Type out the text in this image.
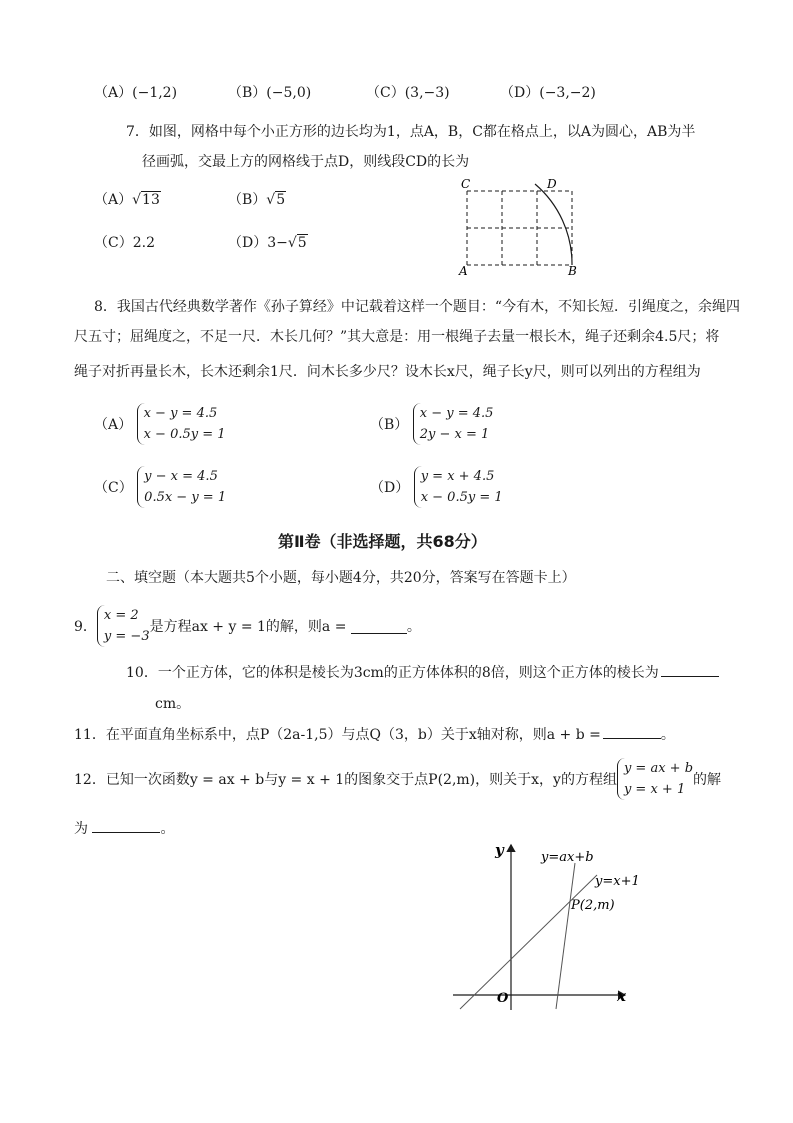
（A）(−1,2)	（B）(−5,0)	（C）(3,−3)	（D）(−3,−2)
7．如图，网格中每个小正方形的边长均为1，点A，B，C都在格点上，以A为圆心，AB为半
径画弧，交最上方的网格线于点D，则线段CD的长为
（A）√13	（B）√5
（C）2.2	（D）3−√5
C	D
A	B
8．我国古代经典数学著作《孙子算经》中记载着这样一个题目：“今有木，不知长短．引绳度之，余绳四
尺五寸；屈绳度之，不足一尺．木长几何？”其大意是：用一根绳子去量一根长木，绳子还剩余4.5尺；将
绳子对折再量长木，长木还剩余1尺．问木长多少尺？设木长x尺，绳子长y尺，则可以列出的方程组为
（A）
x − y = 4.5
x − 0.5y = 1
（B）
x − y = 4.5
2y − x = 1
（C）
y − x = 4.5
0.5x − y = 1
（D）
y = x + 4.5
x − 0.5y = 1
第Ⅱ卷（非选择题，共68分）
二、填空题（本大题共5个小题，每小题4分，共20分，答案写在答题卡上）
9．
x = 2
y = −3
是方程ax + y = 1的解，则a =	。
10．一个正方体，它的体积是棱长为3cm的正方体体积的8倍，则这个正方体的棱长为
cm。
11．在平面直角坐标系中，点P（2a-1,5）与点Q（3，b）关于x轴对称，则a + b =	。
12．已知一次函数y = ax + b与y = x + 1的图象交于点P(2,m)，则关于x，y的方程组
y = ax + b
y = x + 1
的解
为	。
y
x
O
y=ax+b
y=x+1
P(2,m)
